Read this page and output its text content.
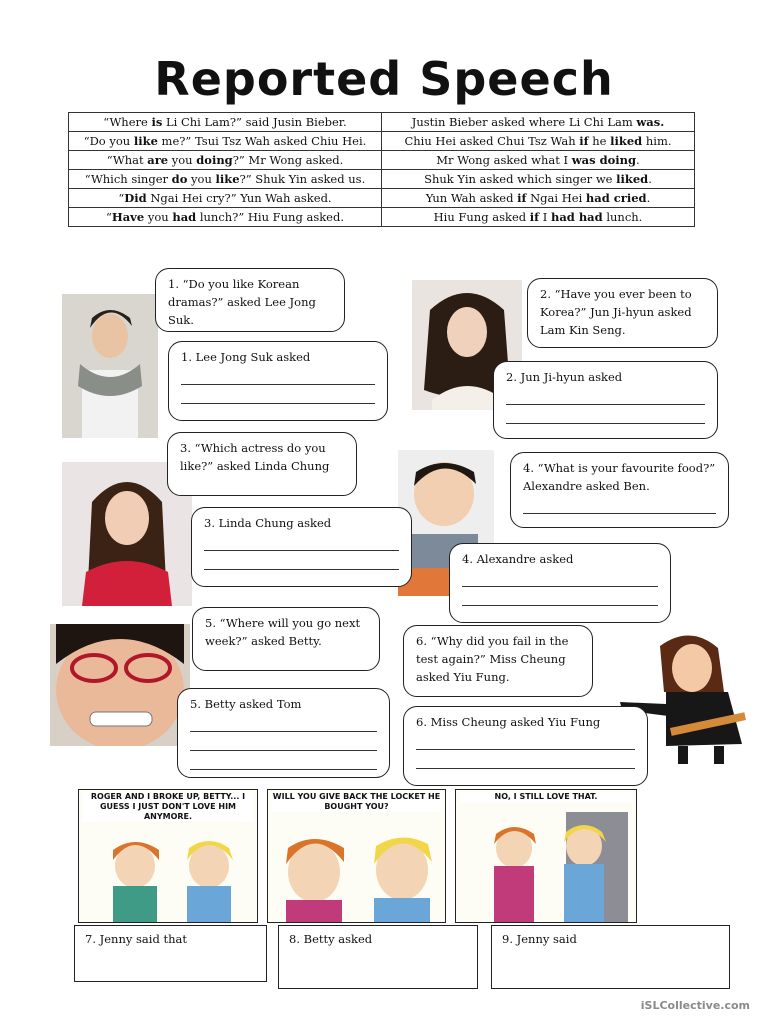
Reported Speech
“Where is Li Chi Lam?” said Jusin Bieber.	Justin Bieber asked where Li Chi Lam was.
“Do you like me?” Tsui Tsz Wah asked Chiu Hei.	Chiu Hei asked Chui Tsz Wah if he liked him.
“What are you doing?” Mr Wong asked.	Mr Wong asked what I was doing.
“Which singer do you like?” Shuk Yin asked us.	Shuk Yin asked which singer we liked.
“Did Ngai Hei cry?” Yun Wah asked.	Yun Wah asked if Ngai Hei had cried.
“Have you had lunch?” Hiu Fung asked.	Hiu Fung asked if I had had lunch.
1. “Do you like Korean dramas?” asked Lee Jong Suk.
1. Lee Jong Suk asked
2. “Have you ever been to Korea?” Jun Ji-hyun asked Lam Kin Seng.
2. Jun Ji-hyun asked
3. “Which actress do you like?” asked Linda Chung
3. Linda Chung asked
4. “What is your favourite food?” Alexandre asked Ben.
4. Alexandre asked
5. “Where will you go next week?” asked Betty.
5. Betty asked Tom
6. “Why did you fail in the test again?” Miss Cheung asked Yiu Fung.
6. Miss Cheung asked Yiu Fung
ROGER AND I BROKE UP, BETTY... I GUESS I JUST DON'T LOVE HIM ANYMORE.
WILL YOU GIVE BACK THE LOCKET HE BOUGHT YOU?
NO, I STILL LOVE THAT.
7. Jenny said that	8. Betty asked	9. Jenny said
iSLCollective.com
